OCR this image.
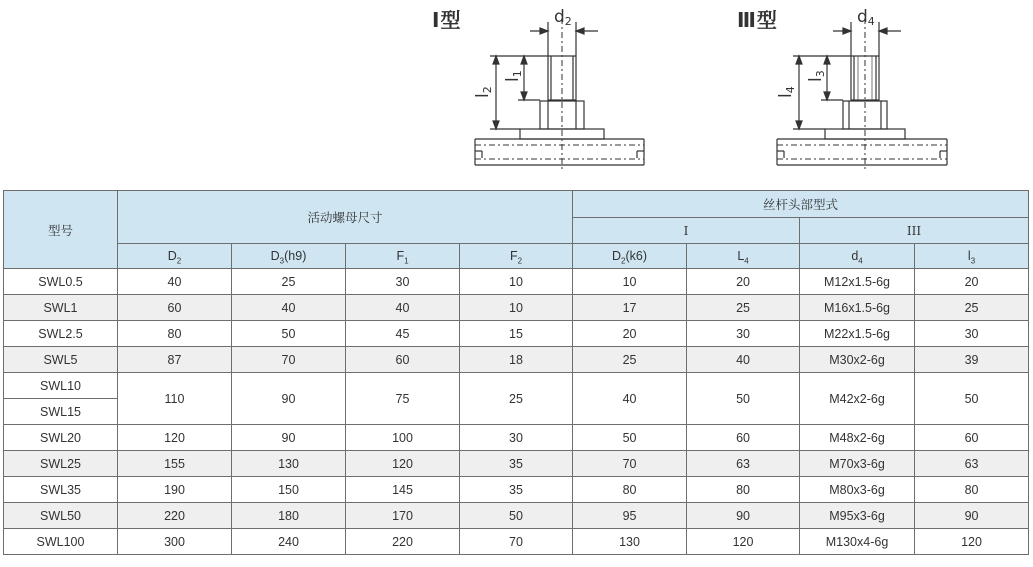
Ⅰ型	d2
l1
l2
Ⅲ型	d4
l3
l4
型号	活动螺母尺寸				丝杆头部型式			
					I		III	
	$D_2$	$D_3(h9)$	$F_1$	$F_2$	$D_2(k6)$	$L_4$	$d_4$	$l_3$
SWL0.5	40	25	30	10	10	20	M12x1.5-6g	20
SWL1	60	40	40	10	17	25	M16x1.5-6g	25
SWL2.5	80	50	45	15	20	30	M22x1.5-6g	30
SWL5	87	70	60	18	25	40	M30x2-6g	39
SWL10	110	90	75	25	40	50	M42x2-6g	50
SWL15								
SWL20	120	90	100	30	50	60	M48x2-6g	60
SWL25	155	130	120	35	70	63	M70x3-6g	63
SWL35	190	150	145	35	80	80	M80x3-6g	80
SWL50	220	180	170	50	95	90	M95x3-6g	90
SWL100	300	240	220	70	130	120	M130x4-6g	120
